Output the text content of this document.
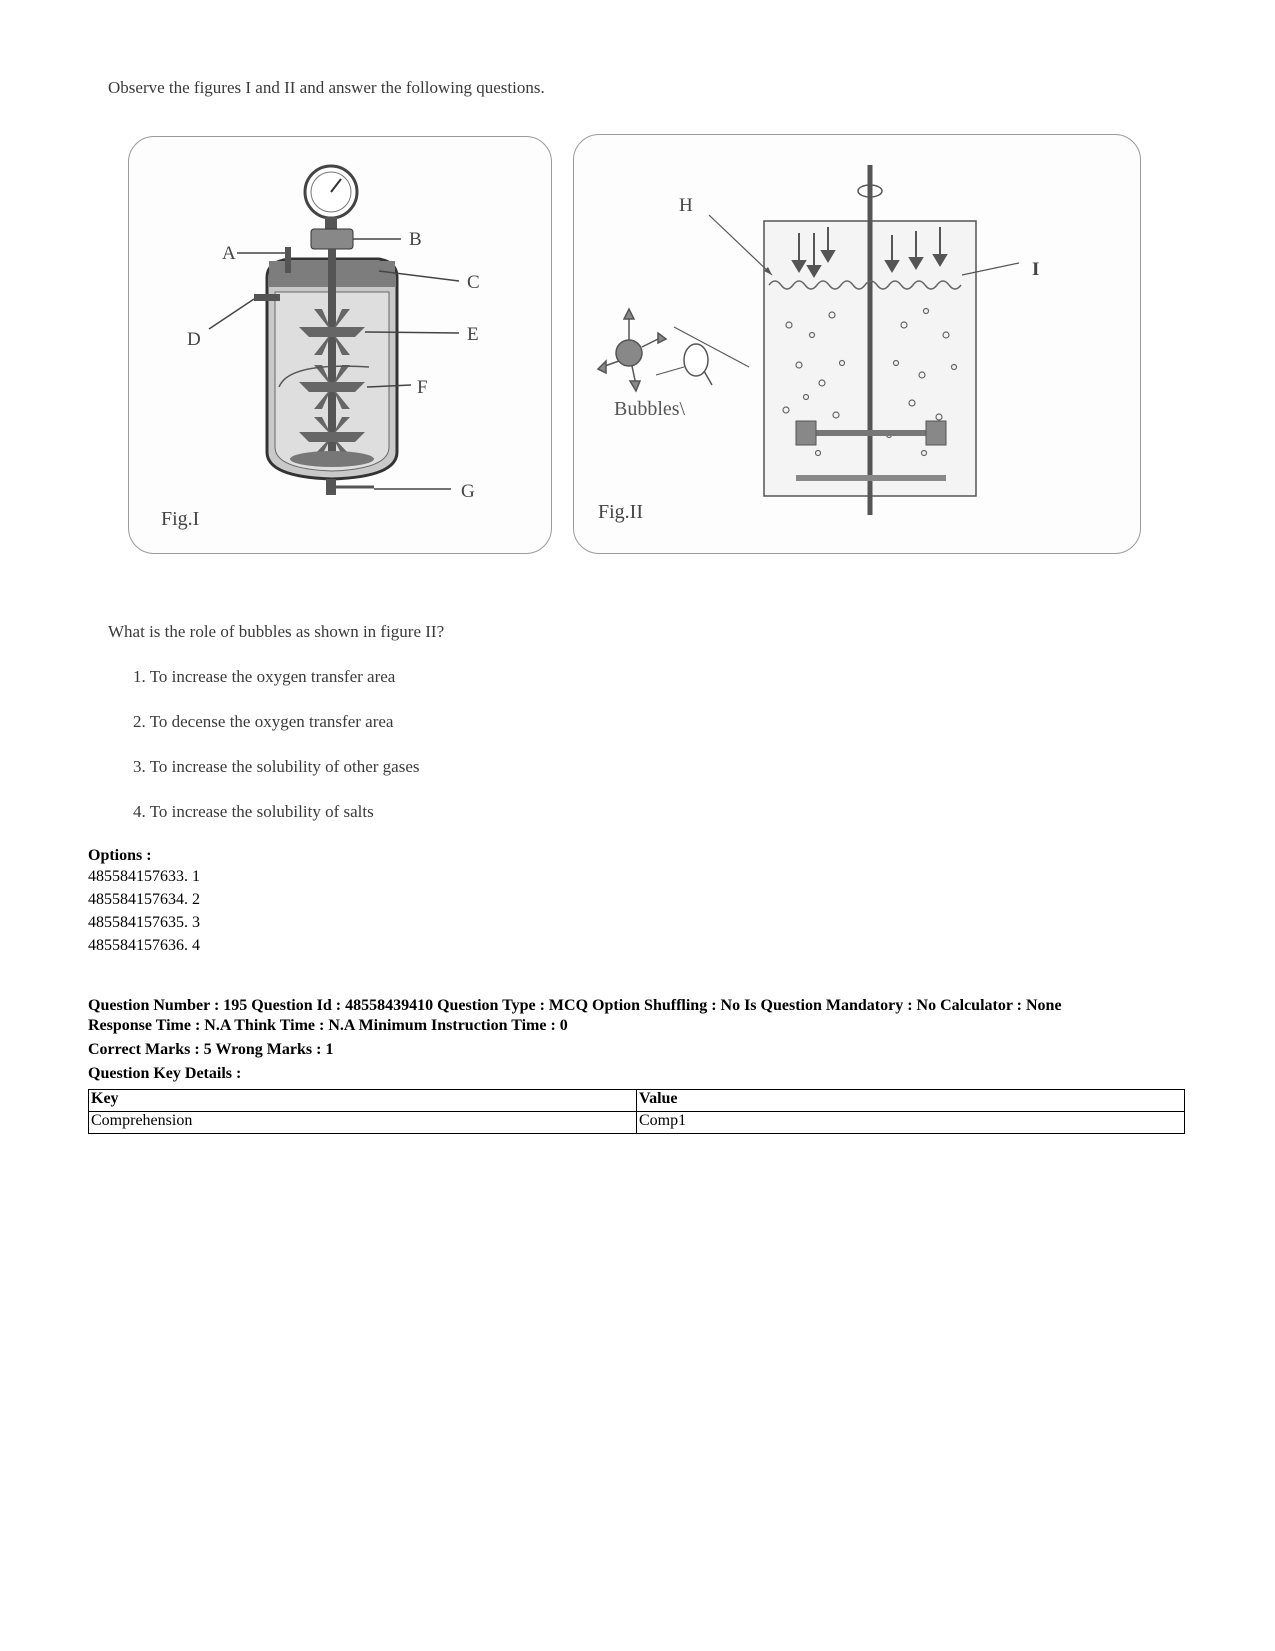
Observe the figures I and II and answer the following questions.
A
B
C
D	E
F
G
Fig.I
H
I
Bubbles\
Fig.II
What is the role of bubbles as shown in figure II?
1. To increase the oxygen transfer area
2. To decense the oxygen transfer area
3. To increase the solubility of other gases
4. To increase the solubility of salts
Options :
485584157633. 1
485584157634. 2
485584157635. 3
485584157636. 4
Question Number : 195 Question Id : 48558439410 Question Type : MCQ Option Shuffling : No Is Question Mandatory : No Calculator : None
Response Time : N.A Think Time : N.A Minimum Instruction Time : 0
Correct Marks : 5 Wrong Marks : 1
Question Key Details :
Key	Value
Comprehension	Comp1
